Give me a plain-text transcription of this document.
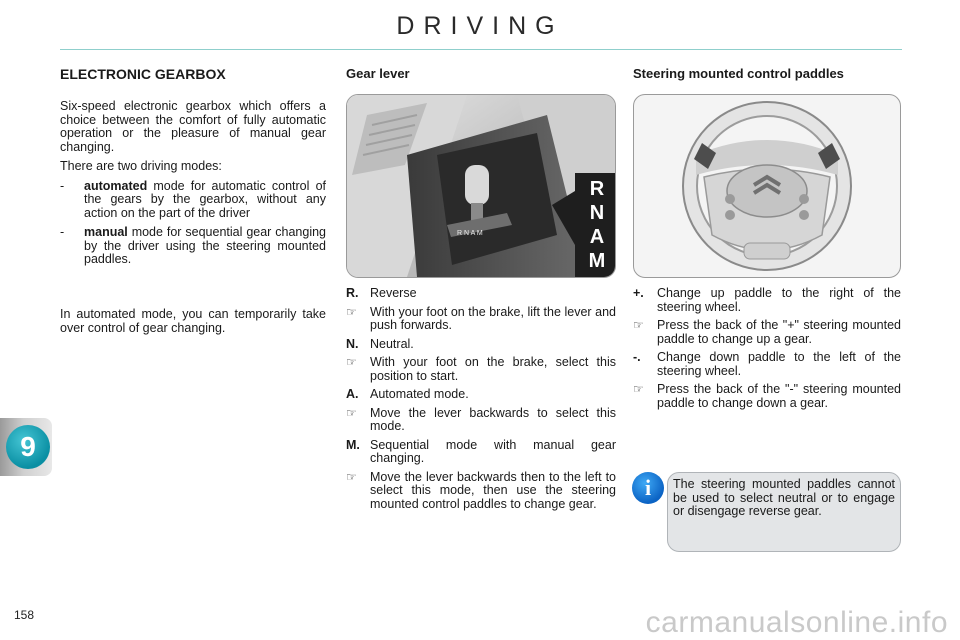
DRIVING
9
158
ELECTRONIC GEARBOX

Six-speed electronic gearbox which offers a choice between the comfort of fully automatic operation or the pleasure of manual gear changing.

There are two driving modes:

- automated mode for automatic control of the gears by the gearbox, without any action on the part of the driver
- manual mode for sequential gear changing by the driver using the steering mounted paddles.

In automated mode, you can temporarily take over control of gear changing.

Gear lever
R N A M
R
N
A
M
R. Reverse
☞ With your foot on the brake, lift the lever and push forwards.
N. Neutral.
☞ With your foot on the brake, select this position to start.
A. Automated mode.
☞ Move the lever backwards to select this mode.
M. Sequential mode with manual gear changing.
☞ Move the lever backwards then to the left to select this mode, then use the steering mounted control paddles to change gear.
Steering mounted control paddles
+. Change up paddle to the right of the steering wheel.
☞ Press the back of the "+" steering mounted paddle to change up a gear.
-. Change down paddle to the left of the steering wheel.
☞ Press the back of the "-" steering mounted paddle to change down a gear.
i	The steering mounted paddles cannot be used to select neutral or to engage or disengage reverse gear.
carmanualsonline.info
